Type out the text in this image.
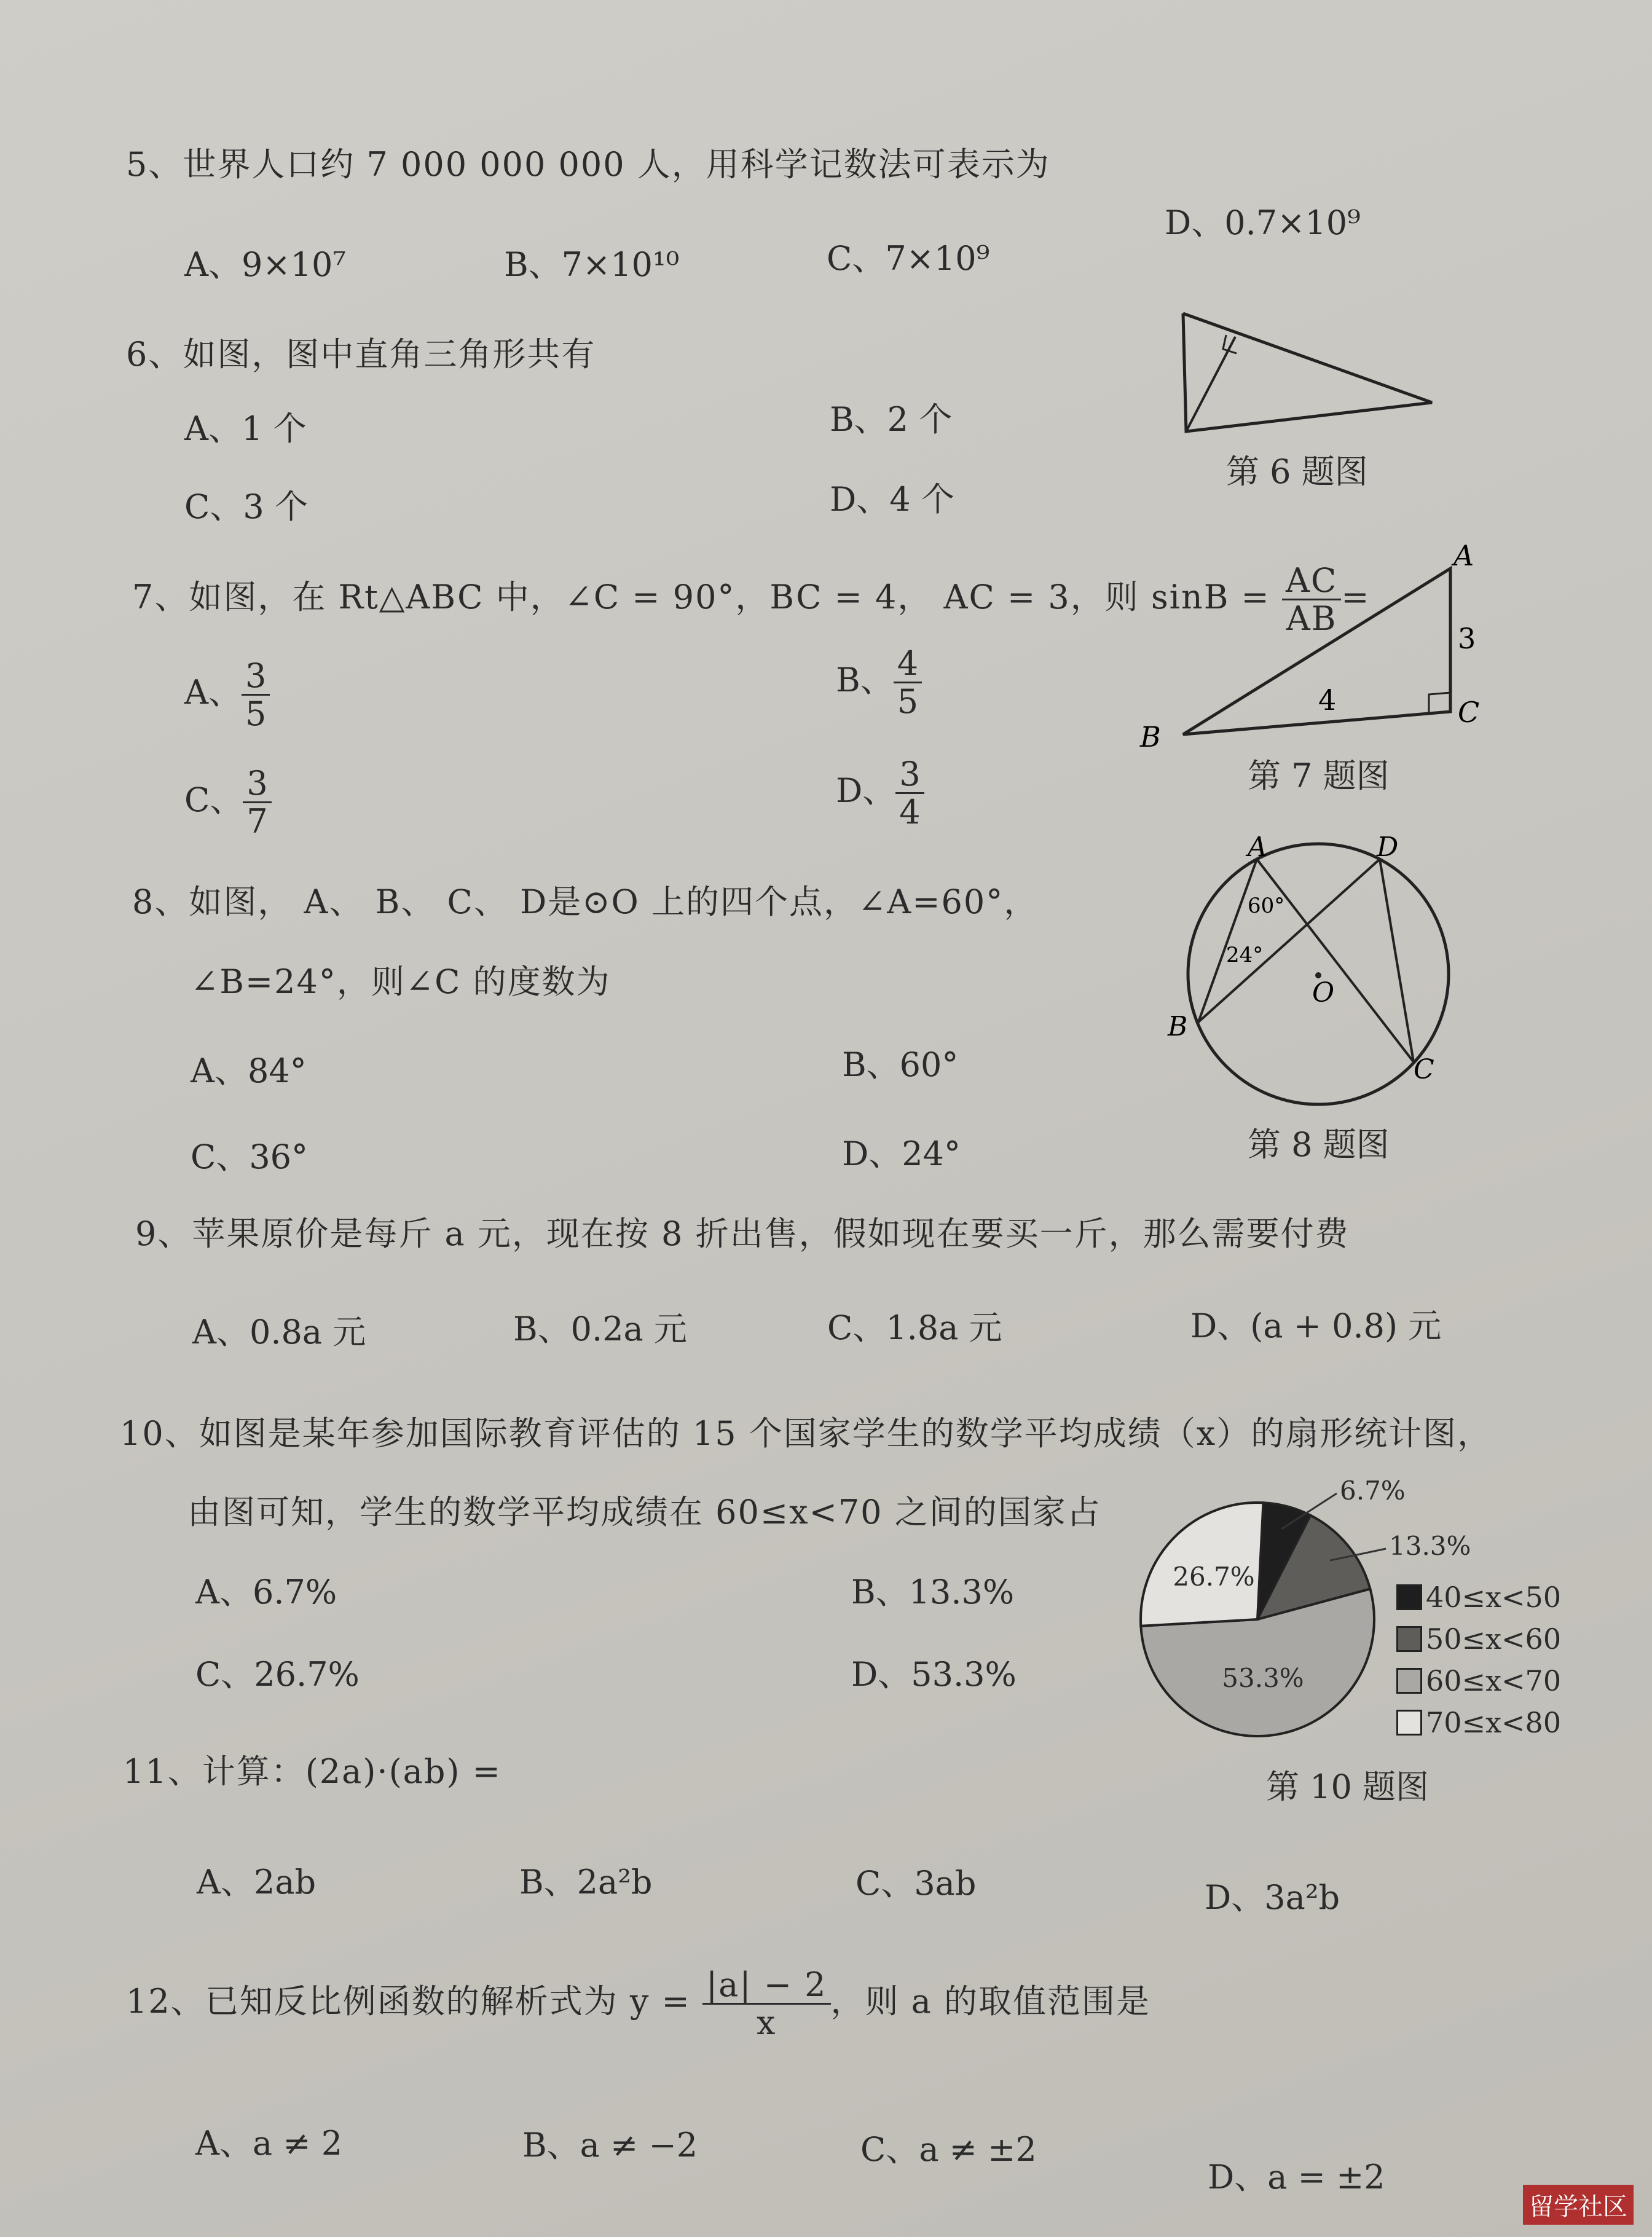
5、世界人口约 7 000 000 000 人，用科学记数法可表示为
A、9×10⁷	B、7×10¹⁰	C、7×10⁹
D、0.7×10⁹
6、如图，图中直角三角形共有
A、1 个	B、2 个
C、3 个	D、4 个
第 6 题图
7、如图，在 Rt△ABC 中，∠C = 90°，BC = 4， AC = 3，则 $\sin B = \frac{AC}{AB}$ =
A、 $\frac{3}{5}$	B、 $\frac{4}{5}$
C、 $\frac{3}{7}$	D、 $\frac{3}{4}$
B
C
A
3
4
第 7 题图
8、如图， A、 B、 C、 D是⊙O 上的四个点，∠A=60°，
∠B=24°，则∠C 的度数为
A、84°	B、60°
C、36°	D、24°
A
B
C
D
O
60°
24°
第 8 题图
9、苹果原价是每斤 a 元，现在按 8 折出售，假如现在要买一斤，那么需要付费
A、0.8a 元	B、0.2a 元	C、1.8a 元	D、(a + 0.8) 元
10、如图是某年参加国际教育评估的 15 个国家学生的数学平均成绩（x）的扇形统计图，
由图可知，学生的数学平均成绩在 60≤x<70 之间的国家占
A、6.7%	B、13.3%
C、26.7%	D、53.3%
6.7%
13.3%
53.3%
26.7%
40≤x<50
50≤x<60
60≤x<70
70≤x<80
第 10 题图
11、计算：(2a)·(ab) =
A、2ab	B、2a²b	C、3ab	D、3a²b
12、已知反比例函数的解析式为 $y = \frac{|a| - 2}{x}$ ，则 a 的取值范围是
A、a ≠ 2	B、a ≠ −2	C、a ≠ ±2
D、a = ±2
留学社区
